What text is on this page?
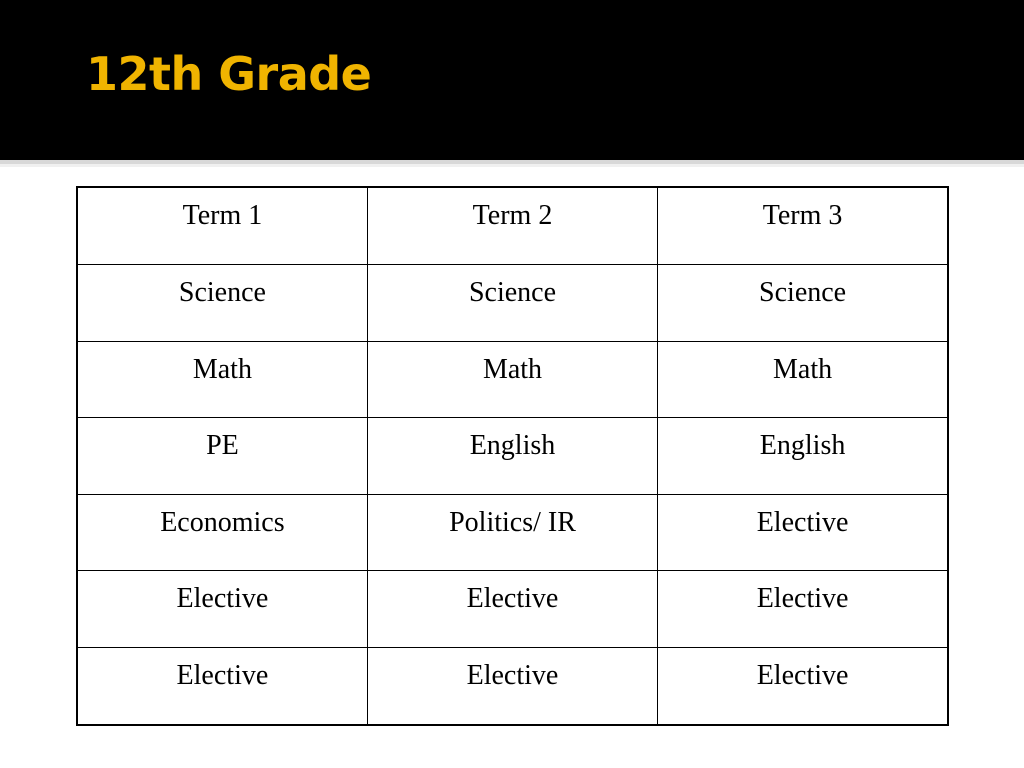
12th Grade
Term 1	Term 2	Term 3
Science	Science	Science
Math	Math	Math
PE	English	English
Economics	Politics/ IR	Elective
Elective	Elective	Elective
Elective	Elective	Elective
